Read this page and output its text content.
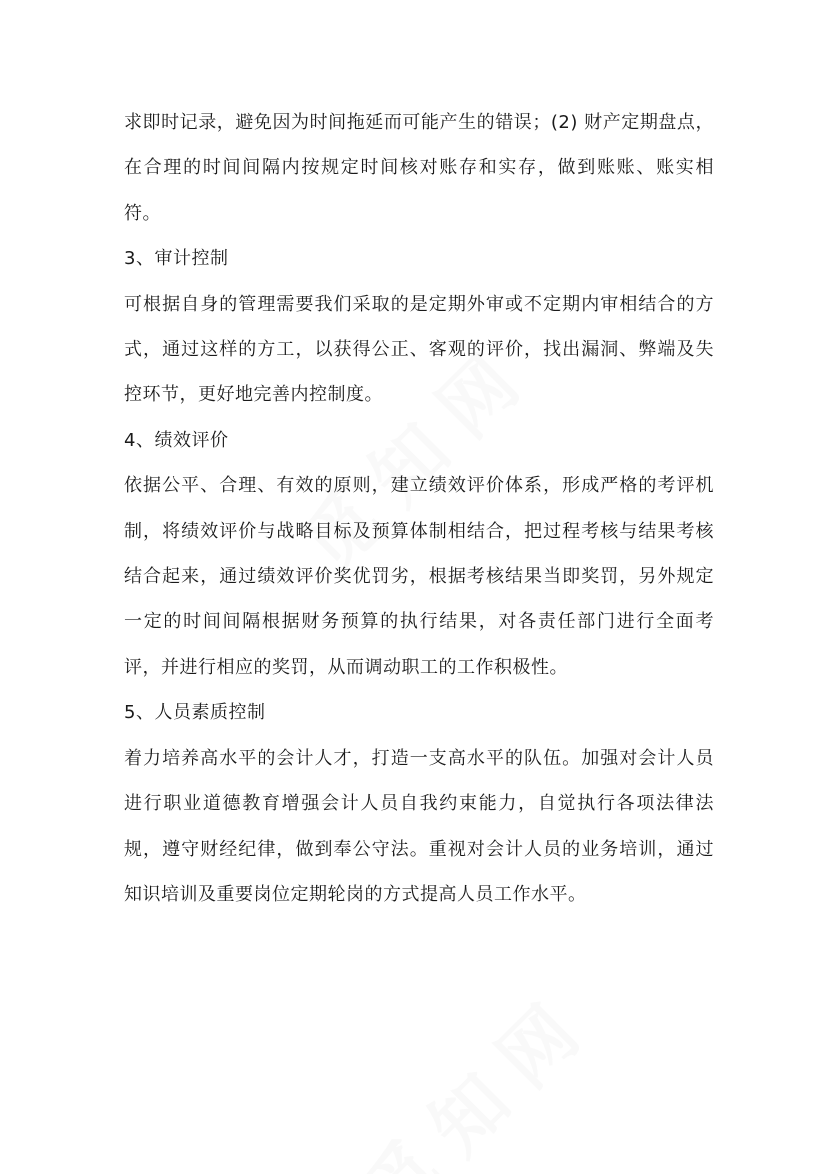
求即时记录，避免因为时间拖延而可能产生的错误；(2) 财产定期盘点，在合理的时间间隔内按规定时间核对账存和实存，做到账账、账实相符。

3、审计控制

可根据自身的管理需要我们采取的是定期外审或不定期内审相结合的方式，通过这样的方工，以获得公正、客观的评价，找出漏洞、弊端及失控环节，更好地完善内控制度。

4、绩效评价

依据公平、合理、有效的原则，建立绩效评价体系，形成严格的考评机制，将绩效评价与战略目标及预算体制相结合，把过程考核与结果考核结合起来，通过绩效评价奖优罚劣，根据考核结果当即奖罚，另外规定一定的时间间隔根据财务预算的执行结果，对各责任部门进行全面考评，并进行相应的奖罚，从而调动职工的工作积极性。

5、人员素质控制

着力培养高水平的会计人才，打造一支高水平的队伍。加强对会计人员进行职业道德教育增强会计人员自我约束能力，自觉执行各项法律法规，遵守财经纪律，做到奉公守法。重视对会计人员的业务培训，通过知识培训及重要岗位定期轮岗的方式提高人员工作水平。
